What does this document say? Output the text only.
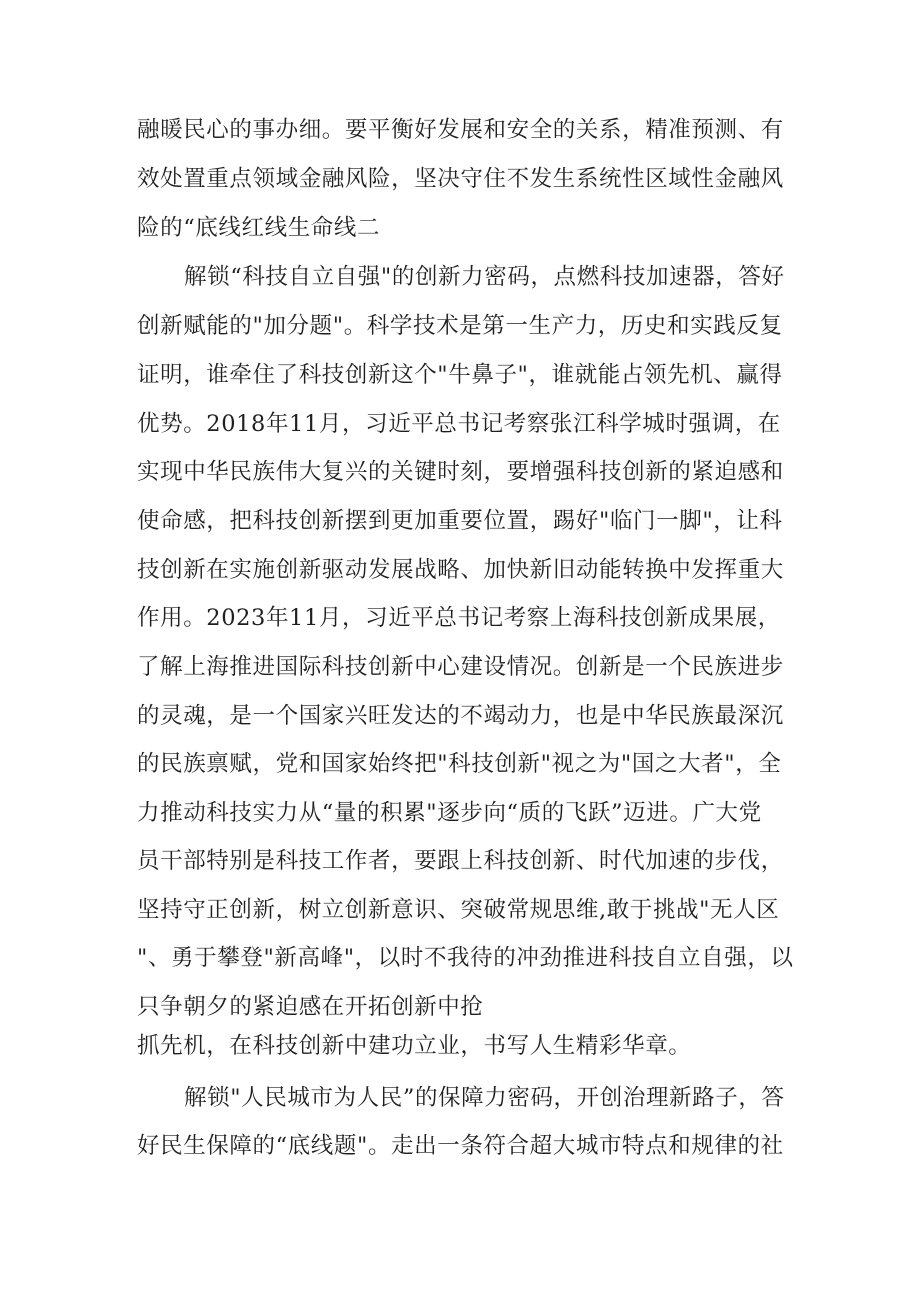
融暖民心的事办细。要平衡好发展和安全的关系，精准预测、有
效处置重点领域金融风险，坚决守住不发生系统性区域性金融风
险的“底线红线生命线二
解锁“科技自立自强"的创新力密码，点燃科技加速器，答好
创新赋能的"加分题"。科学技术是第一生产力，历史和实践反复
证明，谁牵住了科技创新这个"牛鼻子"，谁就能占领先机、赢得
优势。2018年11月，习近平总书记考察张江科学城时强调，在
实现中华民族伟大复兴的关键时刻，要增强科技创新的紧迫感和
使命感，把科技创新摆到更加重要位置，踢好"临门一脚"，让科
技创新在实施创新驱动发展战略、加快新旧动能转换中发挥重大
作用。2023年11月，习近平总书记考察上海科技创新成果展，
了解上海推进国际科技创新中心建设情况。创新是一个民族进步
的灵魂，是一个国家兴旺发达的不竭动力，也是中华民族最深沉
的民族禀赋，党和国家始终把"科技创新"视之为"国之大者"，全
力推动科技实力从“量的积累"逐步向“质的飞跃”迈进。广大党
员干部特别是科技工作者，要跟上科技创新、时代加速的步伐，
坚持守正创新，树立创新意识、突破常规思维,敢于挑战"无人区
"、勇于攀登"新高峰"，以时不我待的冲劲推进科技自立自强，以
只争朝夕的紧迫感在开拓创新中抢
抓先机，在科技创新中建功立业，书写人生精彩华章。
解锁"人民城市为人民”的保障力密码，开创治理新路子，答
好民生保障的“底线题"。走出一条符合超大城市特点和规律的社
